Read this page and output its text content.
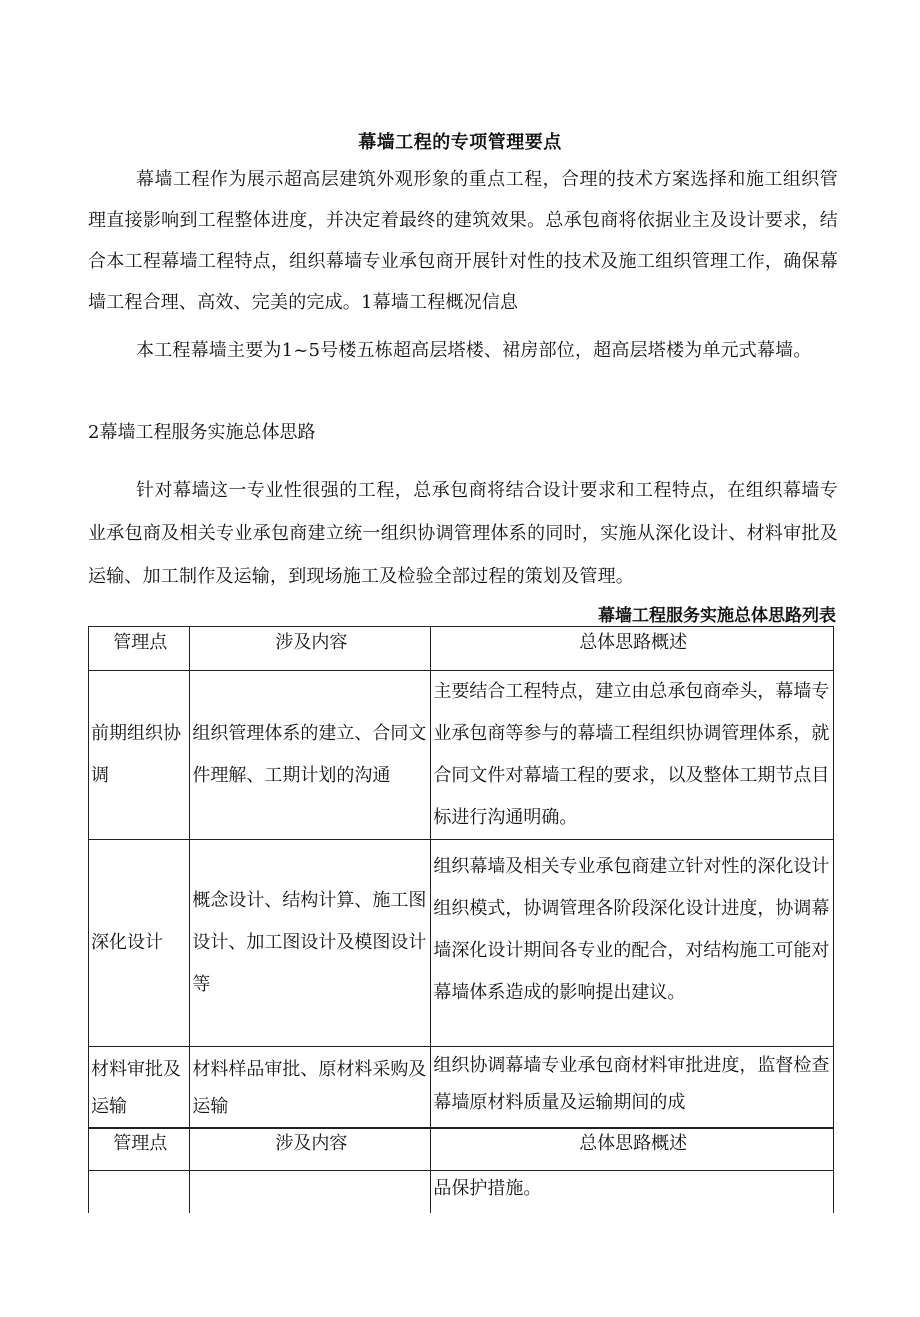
幕墙工程的专项管理要点

幕墙工程作为展示超高层建筑外观形象的重点工程，合理的技术方案选择和施工组织管理直接影响到工程整体进度，并决定着最终的建筑效果。总承包商将依据业主及设计要求，结合本工程幕墙工程特点，组织幕墙专业承包商开展针对性的技术及施工组织管理工作，确保幕墙工程合理、高效、完美的完成。1幕墙工程概况信息

本工程幕墙主要为1~5号楼五栋超高层塔楼、裙房部位，超高层塔楼为单元式幕墙。

2幕墙工程服务实施总体思路

针对幕墙这一专业性很强的工程，总承包商将结合设计要求和工程特点，在组织幕墙专业承包商及相关专业承包商建立统一组织协调管理体系的同时，实施从深化设计、材料审批及运输、加工制作及运输，到现场施工及检验全部过程的策划及管理。

幕墙工程服务实施总体思路列表
管理点	涉及内容	总体思路概述
前期组织协调	组织管理体系的建立、合同文件理解、工期计划的沟通	主要结合工程特点，建立由总承包商牵头，幕墙专业承包商等参与的幕墙工程组织协调管理体系，就合同文件对幕墙工程的要求，以及整体工期节点目标进行沟通明确。
深化设计	概念设计、结构计算、施工图设计、加工图设计及模图设计等	组织幕墙及相关专业承包商建立针对性的深化设计组织模式，协调管理各阶段深化设计进度，协调幕墙深化设计期间各专业的配合，对结构施工可能对幕墙体系造成的影响提出建议。
材料审批及运输	材料样品审批、原材料采购及运输	组织协调幕墙专业承包商材料审批进度，监督检查幕墙原材料质量及运输期间的成
管理点	涉及内容	总体思路概述
		品保护措施。
